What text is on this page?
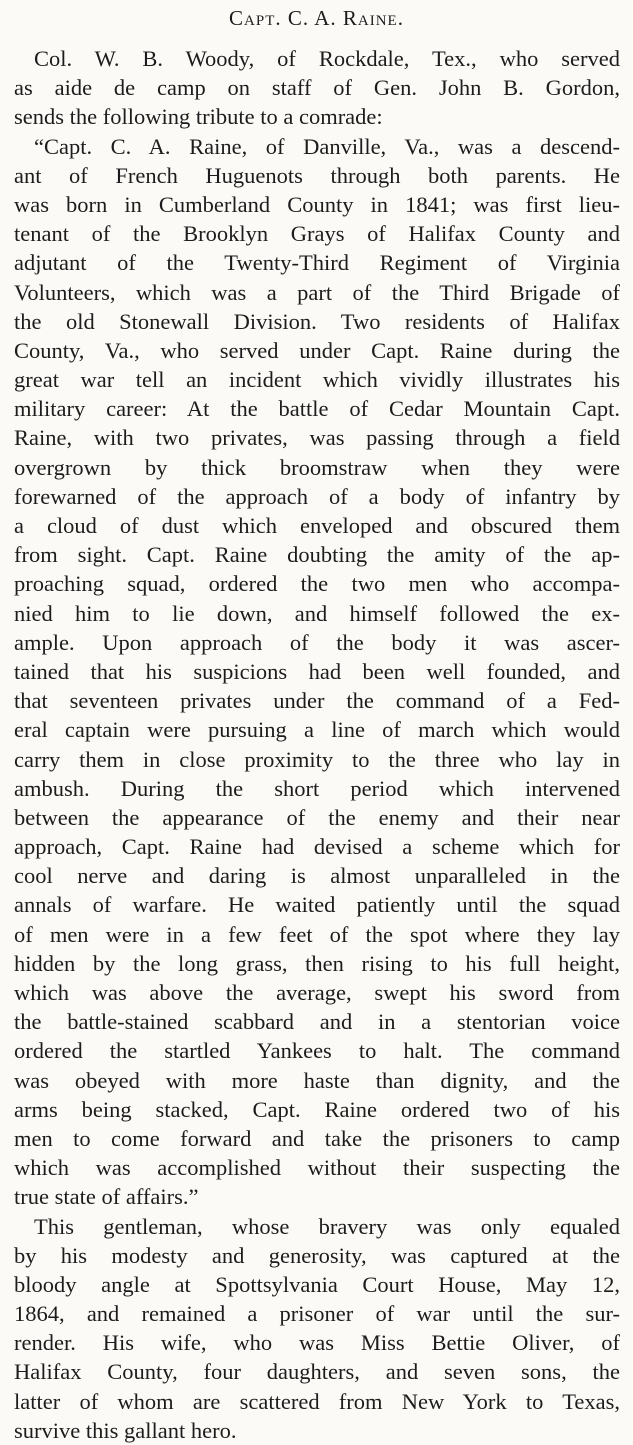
Capt. C. A. Raine.
Col. W. B. Woody, of Rockdale, Tex., who served
as aide de camp on staff of Gen. John B. Gordon,
sends the following tribute to a comrade:
“Capt. C. A. Raine, of Danville, Va., was a descend-
ant of French Huguenots through both parents. He
was born in Cumberland County in 1841; was first lieu-
tenant of the Brooklyn Grays of Halifax County and
adjutant of the Twenty-Third Regiment of Virginia
Volunteers, which was a part of the Third Brigade of
the old Stonewall Division. Two residents of Halifax
County, Va., who served under Capt. Raine during the
great war tell an incident which vividly illustrates his
military career: At the battle of Cedar Mountain Capt.
Raine, with two privates, was passing through a field
overgrown by thick broomstraw when they were
forewarned of the approach of a body of infantry by
a cloud of dust which enveloped and obscured them
from sight. Capt. Raine doubting the amity of the ap-
proaching squad, ordered the two men who accompa-
nied him to lie down, and himself followed the ex-
ample. Upon approach of the body it was ascer-
tained that his suspicions had been well founded, and
that seventeen privates under the command of a Fed-
eral captain were pursuing a line of march which would
carry them in close proximity to the three who lay in
ambush. During the short period which intervened
between the appearance of the enemy and their near
approach, Capt. Raine had devised a scheme which for
cool nerve and daring is almost unparalleled in the
annals of warfare. He waited patiently until the squad
of men were in a few feet of the spot where they lay
hidden by the long grass, then rising to his full height,
which was above the average, swept his sword from
the battle-stained scabbard and in a stentorian voice
ordered the startled Yankees to halt. The command
was obeyed with more haste than dignity, and the
arms being stacked, Capt. Raine ordered two of his
men to come forward and take the prisoners to camp
which was accomplished without their suspecting the
true state of affairs.”
This gentleman, whose bravery was only equaled
by his modesty and generosity, was captured at the
bloody angle at Spottsylvania Court House, May 12,
1864, and remained a prisoner of war until the sur-
render. His wife, who was Miss Bettie Oliver, of
Halifax County, four daughters, and seven sons, the
latter of whom are scattered from New York to Texas,
survive this gallant hero.
